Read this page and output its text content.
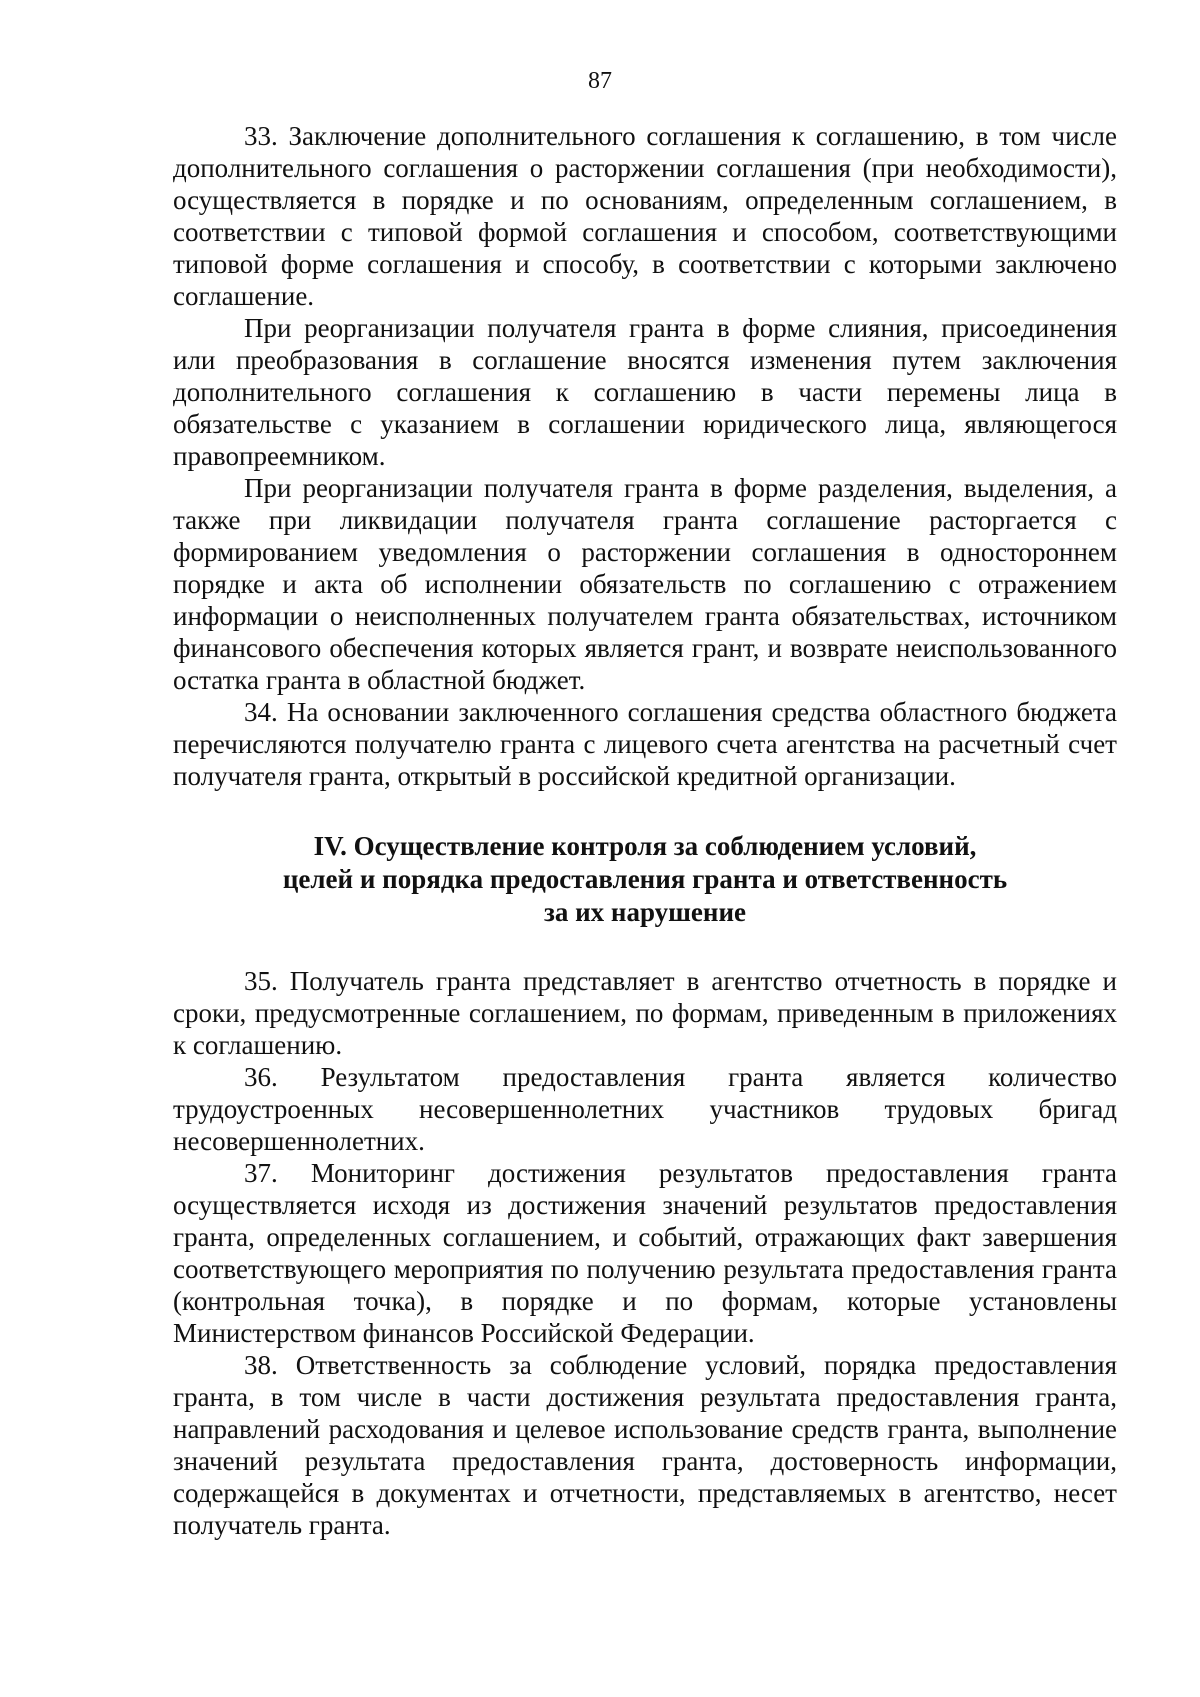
87

33. Заключение дополнительного соглашения к соглашению, в том числе дополнительного соглашения о расторжении соглашения (при необходимости), осуществляется в порядке и по основаниям, определенным соглашением, в соответствии с типовой формой соглашения и способом, соответствующими типовой форме соглашения и способу, в соответствии с которыми заключено соглашение.

При реорганизации получателя гранта в форме слияния, присоединения или преобразования в соглашение вносятся изменения путем заключения дополнительного соглашения к соглашению в части перемены лица в обязательстве с указанием в соглашении юридического лица, являющегося правопреемником.

При реорганизации получателя гранта в форме разделения, выделения, а также при ликвидации получателя гранта соглашение расторгается с формированием уведомления о расторжении соглашения в одностороннем порядке и акта об исполнении обязательств по соглашению с отражением информации о неисполненных получателем гранта обязательствах, источником финансового обеспечения которых является грант, и возврате неиспользованного остатка гранта в областной бюджет.

34. На основании заключенного соглашения средства областного бюджета перечисляются получателю гранта с лицевого счета агентства на расчетный счет получателя гранта, открытый в российской кредитной организации.

IV. Осуществление контроля за соблюдением условий,
целей и порядка предоставления гранта и ответственность
за их нарушение

35. Получатель гранта представляет в агентство отчетность в порядке и сроки, предусмотренные соглашением, по формам, приведенным в приложениях к соглашению.

36. Результатом предоставления гранта является количество трудоустроенных несовершеннолетних участников трудовых бригад несовершеннолетних.

37. Мониторинг достижения результатов предоставления гранта осуществляется исходя из достижения значений результатов предоставления гранта, определенных соглашением, и событий, отражающих факт завершения соответствующего мероприятия по получению результата предоставления гранта (контрольная точка), в порядке и по формам, которые установлены Министерством финансов Российской Федерации.

38. Ответственность за соблюдение условий, порядка предоставления гранта, в том числе в части достижения результата предоставления гранта, направлений расходования и целевое использование средств гранта, выполнение значений результата предоставления гранта, достоверность информации, содержащейся в документах и отчетности, представляемых в агентство, несет получатель гранта.
